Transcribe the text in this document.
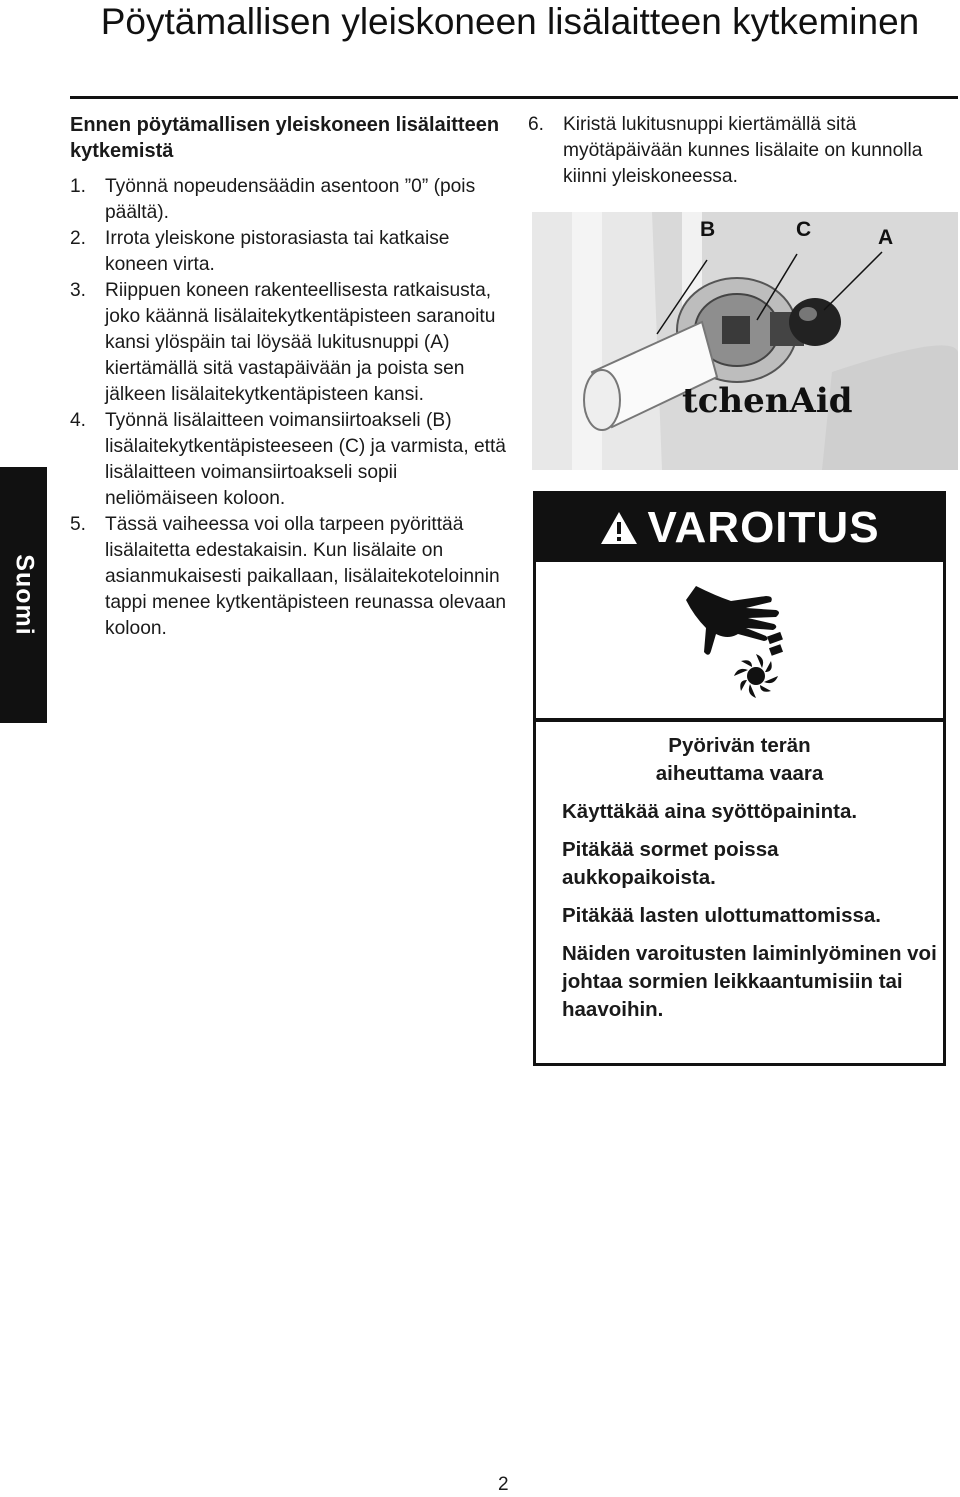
Pöytämallisen yleiskoneen lisälaitteen kytkeminen
Suomi
Ennen pöytämallisen yleiskoneen lisälaitteen kytkemistä
1. Työnnä nopeudensäädin asentoon ”0” (pois päältä).
2. Irrota yleiskone pistorasiasta tai katkaise koneen virta.
3. Riippuen koneen rakenteellisesta ratkaisusta, joko käännä lisälaitekytkentäpisteen saranoitu kansi ylöspäin tai löysää lukitusnuppi (A) kiertämällä sitä vastapäivään ja poista sen jälkeen lisälaitekytkentäpisteen kansi.
4. Työnnä lisälaitteen voimansiirtoakseli (B) lisälaitekytkentäpisteeseen (C) ja varmista, että lisälaitteen voimansiirtoakseli sopii neliömäiseen koloon.
5. Tässä vaiheessa voi olla tarpeen pyörittää lisälaitetta edestakaisin. Kun lisälaite on asianmukaisesti paikallaan, lisälaitekoteloinnin tappi menee kytkentäpisteen reunassa olevaan koloon.
6. Kiristä lukitusnuppi kiertämällä sitä myötäpäivään kunnes lisälaite on kunnolla kiinni yleiskoneessa.
tchenAid
B	C	A
VAROITUS
Pyörivän terän aiheuttama vaara

Käyttäkää aina syöttöpaininta.

Pitäkää sormet poissa aukkopaikoista.

Pitäkää lasten ulottumattomissa.

Näiden varoitusten laiminlyöminen voi johtaa sormien leikkaantumisiin tai haavoihin.

2
